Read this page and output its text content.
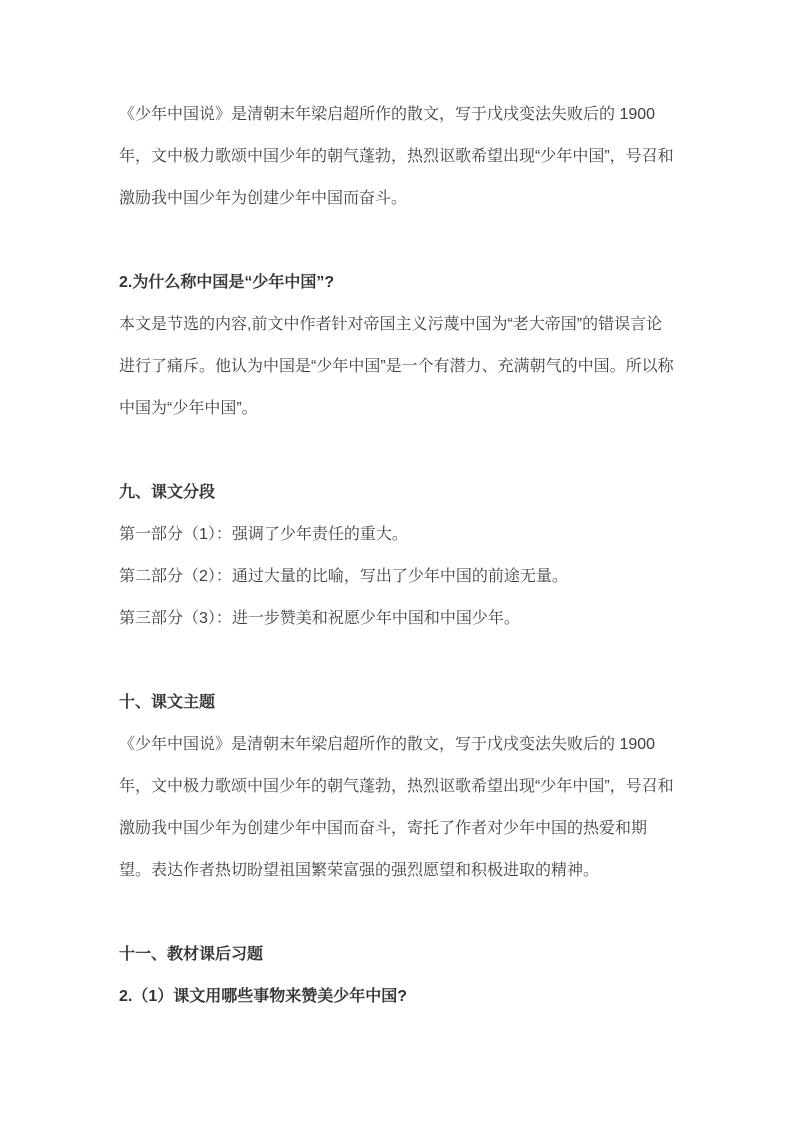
《少年中国说》是清朝末年梁启超所作的散文，写于戊戌变法失败后的 1900 年，文中极力歌颂中国少年的朝气蓬勃，热烈讴歌希望出现“少年中国”，号召和激励我中国少年为创建少年中国而奋斗。

2.为什么称中国是“少年中国”?

本文是节选的内容,前文中作者针对帝国主义污蔑中国为“老大帝国”的错误言论进行了痛斥。他认为中国是“少年中国”是一个有潜力、充满朝气的中国。所以称中国为“少年中国”。

九、课文分段

第一部分（1）：强调了少年责任的重大。

第二部分（2）：通过大量的比喻，写出了少年中国的前途无量。

第三部分（3）：进一步赞美和祝愿少年中国和中国少年。

十、课文主题

《少年中国说》是清朝末年梁启超所作的散文，写于戊戌变法失败后的 1900 年，文中极力歌颂中国少年的朝气蓬勃，热烈讴歌希望出现“少年中国”，号召和激励我中国少年为创建少年中国而奋斗，寄托了作者对少年中国的热爱和期望。表达作者热切盼望祖国繁荣富强的强烈愿望和积极进取的精神。

十一、教材课后习题

2.（1）课文用哪些事物来赞美少年中国?
